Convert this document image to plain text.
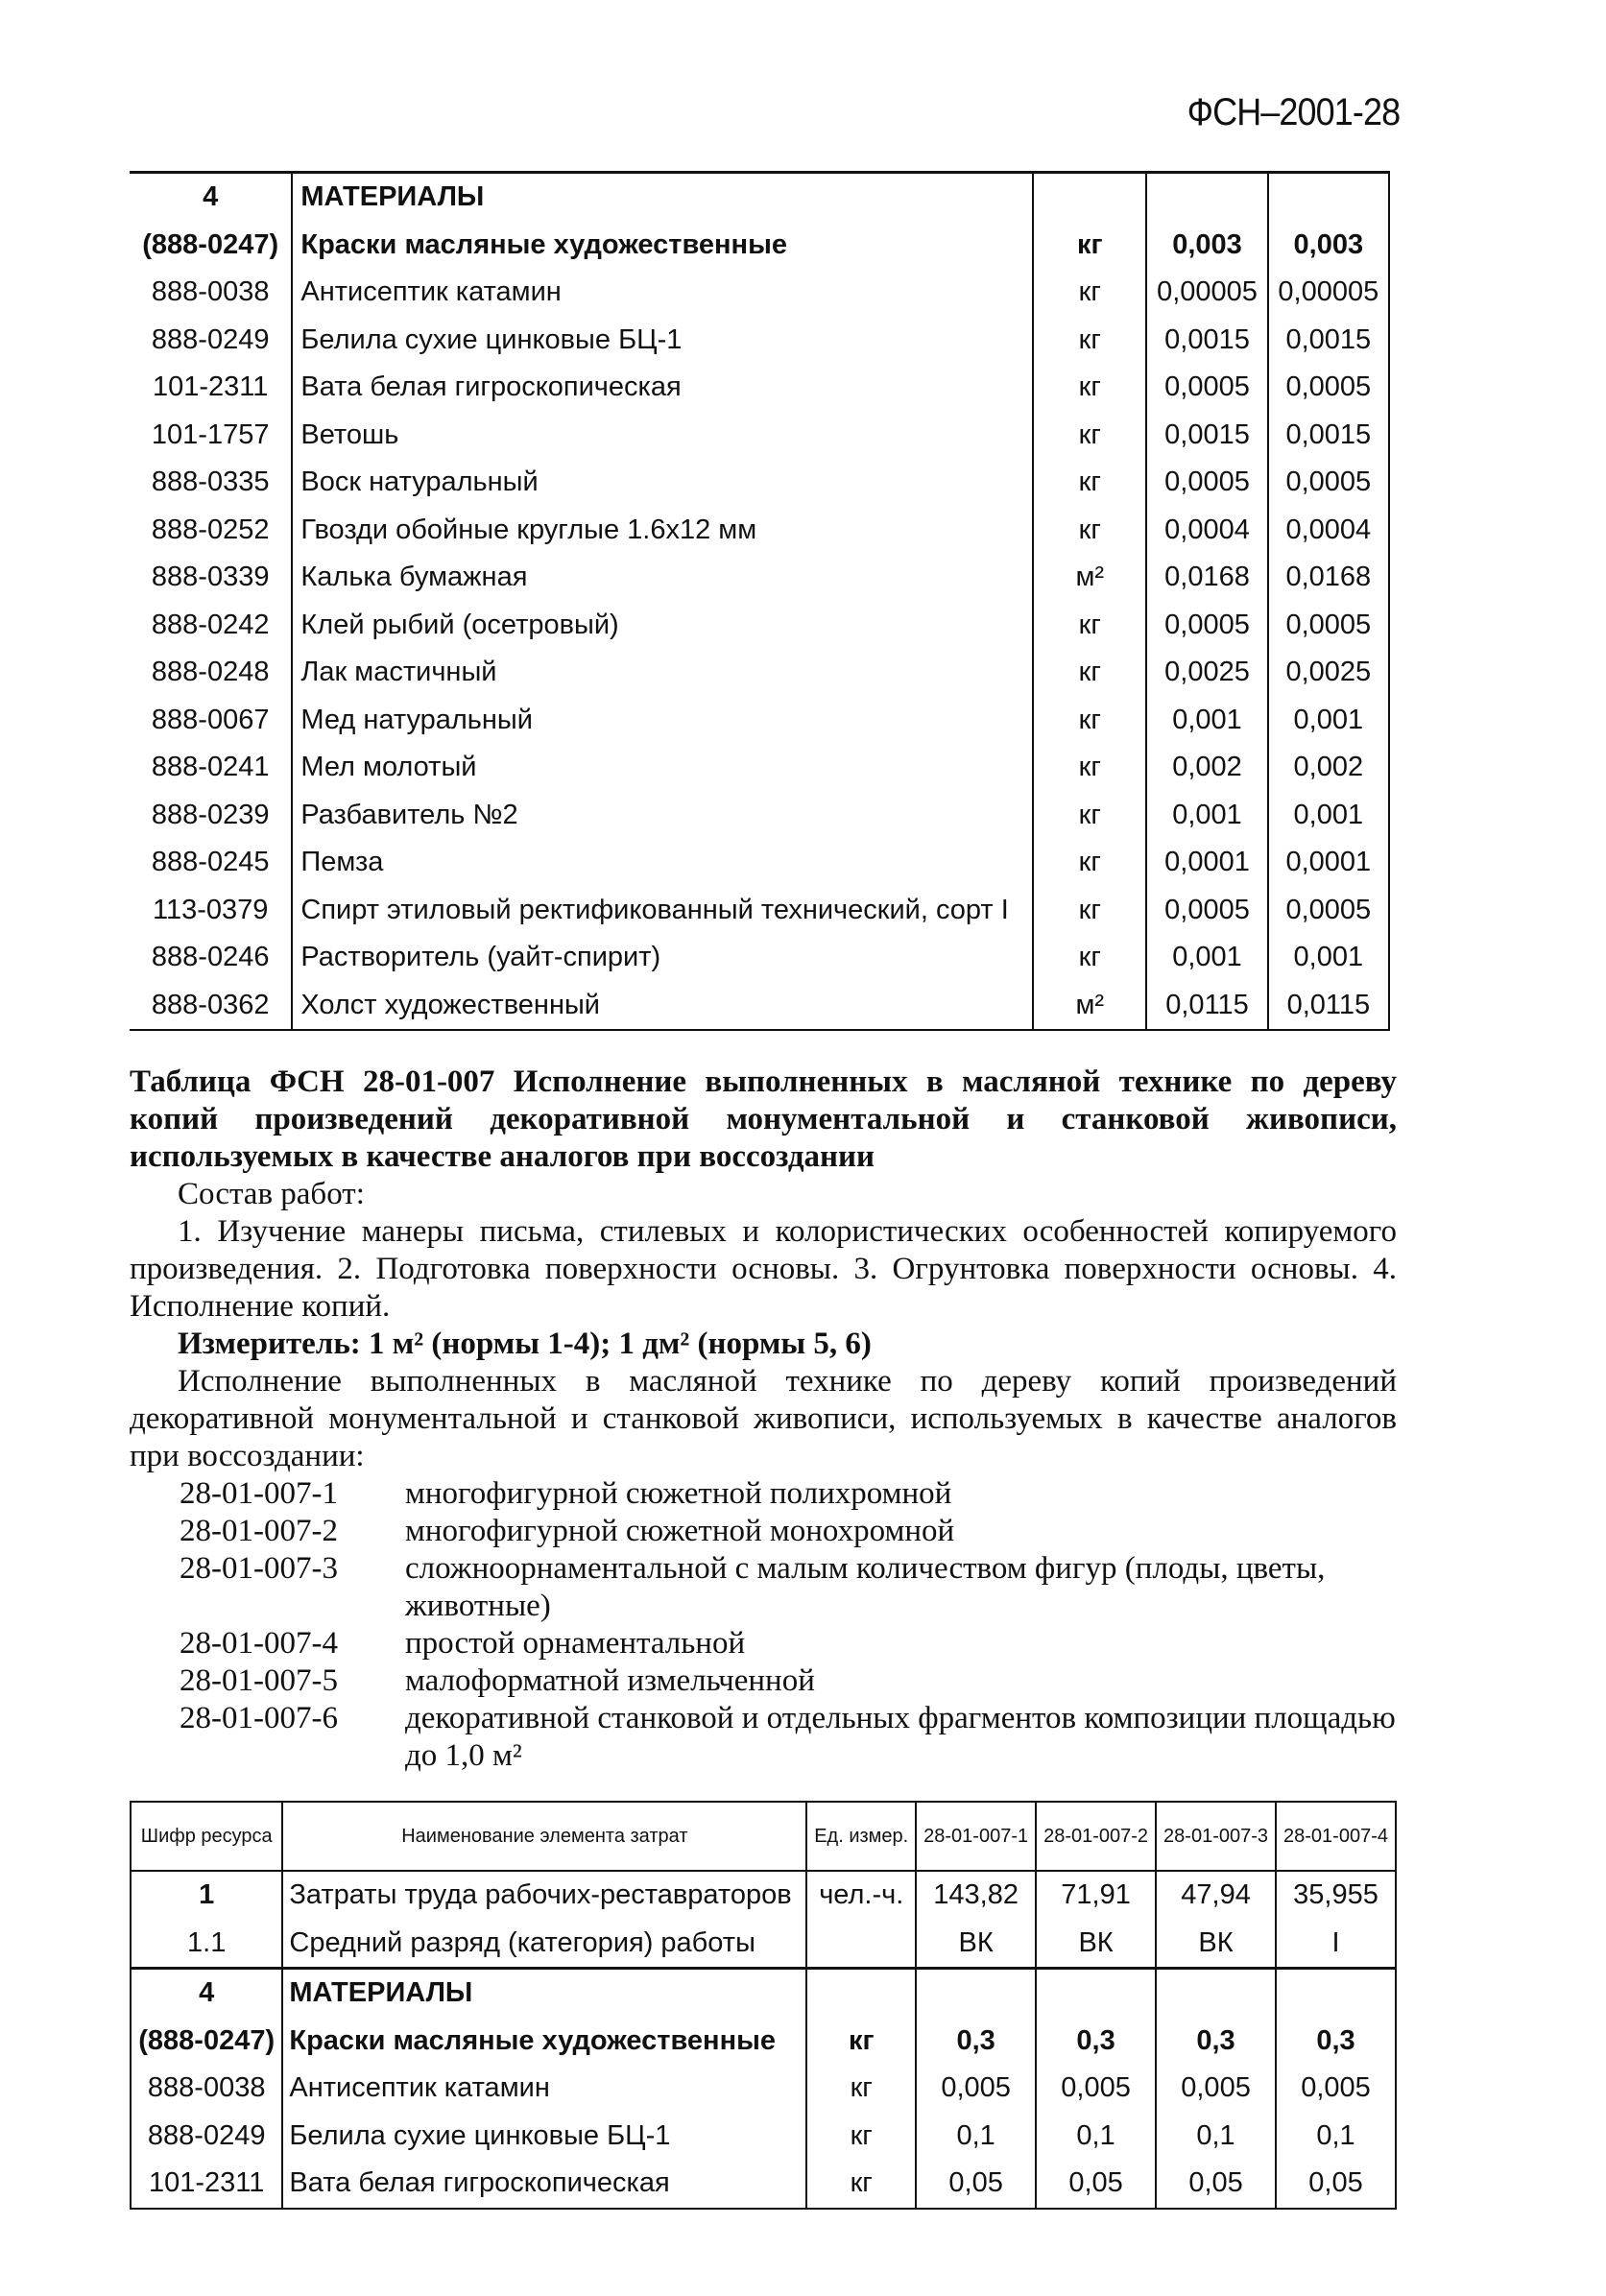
ФСН–2001-28
4	МАТЕРИАЛЫ			
(888-0247)	Краски масляные художественные	кг	0,003	0,003
888-0038	Антисептик катамин	кг	0,00005	0,00005
888-0249	Белила сухие цинковые БЦ-1	кг	0,0015	0,0015
101-2311	Вата белая гигроскопическая	кг	0,0005	0,0005
101-1757	Ветошь	кг	0,0015	0,0015
888-0335	Воск натуральный	кг	0,0005	0,0005
888-0252	Гвозди обойные круглые 1.6х12 мм	кг	0,0004	0,0004
888-0339	Калька бумажная	м²	0,0168	0,0168
888-0242	Клей рыбий (осетровый)	кг	0,0005	0,0005
888-0248	Лак мастичный	кг	0,0025	0,0025
888-0067	Мед натуральный	кг	0,001	0,001
888-0241	Мел молотый	кг	0,002	0,002
888-0239	Разбавитель №2	кг	0,001	0,001
888-0245	Пемза	кг	0,0001	0,0001
113-0379	Спирт этиловый ректификованный технический, сорт I	кг	0,0005	0,0005
888-0246	Растворитель (уайт-спирит)	кг	0,001	0,001
888-0362	Холст художественный	м²	0,0115	0,0115

Таблица ФСН 28-01-007 Исполнение выполненных в масляной технике по дереву копий произведений декоративной монументальной и станковой живописи, используемых в качестве аналогов при воссоздании

Состав работ:

1. Изучение манеры письма, стилевых и колористических особенностей копируемого произведения. 2. Подготовка поверхности основы. 3. Огрунтовка поверхности основы. 4. Исполнение копий.

Измеритель: 1 м² (нормы 1-4); 1 дм² (нормы 5, 6)

Исполнение выполненных в масляной технике по дереву копий произведений декоративной монументальной и станковой живописи, используемых в качестве аналогов при воссоздании:

28-01-007-1	многофигурной сюжетной полихромной
28-01-007-2	многофигурной сюжетной монохромной
28-01-007-3	сложноорнаментальной с малым количеством фигур (плоды, цветы, животные)
28-01-007-4	простой орнаментальной
28-01-007-5	малоформатной измельченной
28-01-007-6	декоративной станковой и отдельных фрагментов композиции площадью до 1,0 м²
Шифр ресурса	Наименование элемента затрат	Ед. измер.	28-01-007-1	28-01-007-2	28-01-007-3	28-01-007-4
1	Затраты труда рабочих-реставраторов	чел.-ч.	143,82	71,91	47,94	35,955
1.1	Средний разряд (категория) работы		ВК	ВК	ВК	I
4	МАТЕРИАЛЫ					
(888-0247)	Краски масляные художественные	кг	0,3	0,3	0,3	0,3
888-0038	Антисептик катамин	кг	0,005	0,005	0,005	0,005
888-0249	Белила сухие цинковые БЦ-1	кг	0,1	0,1	0,1	0,1
101-2311	Вата белая гигроскопическая	кг	0,05	0,05	0,05	0,05
